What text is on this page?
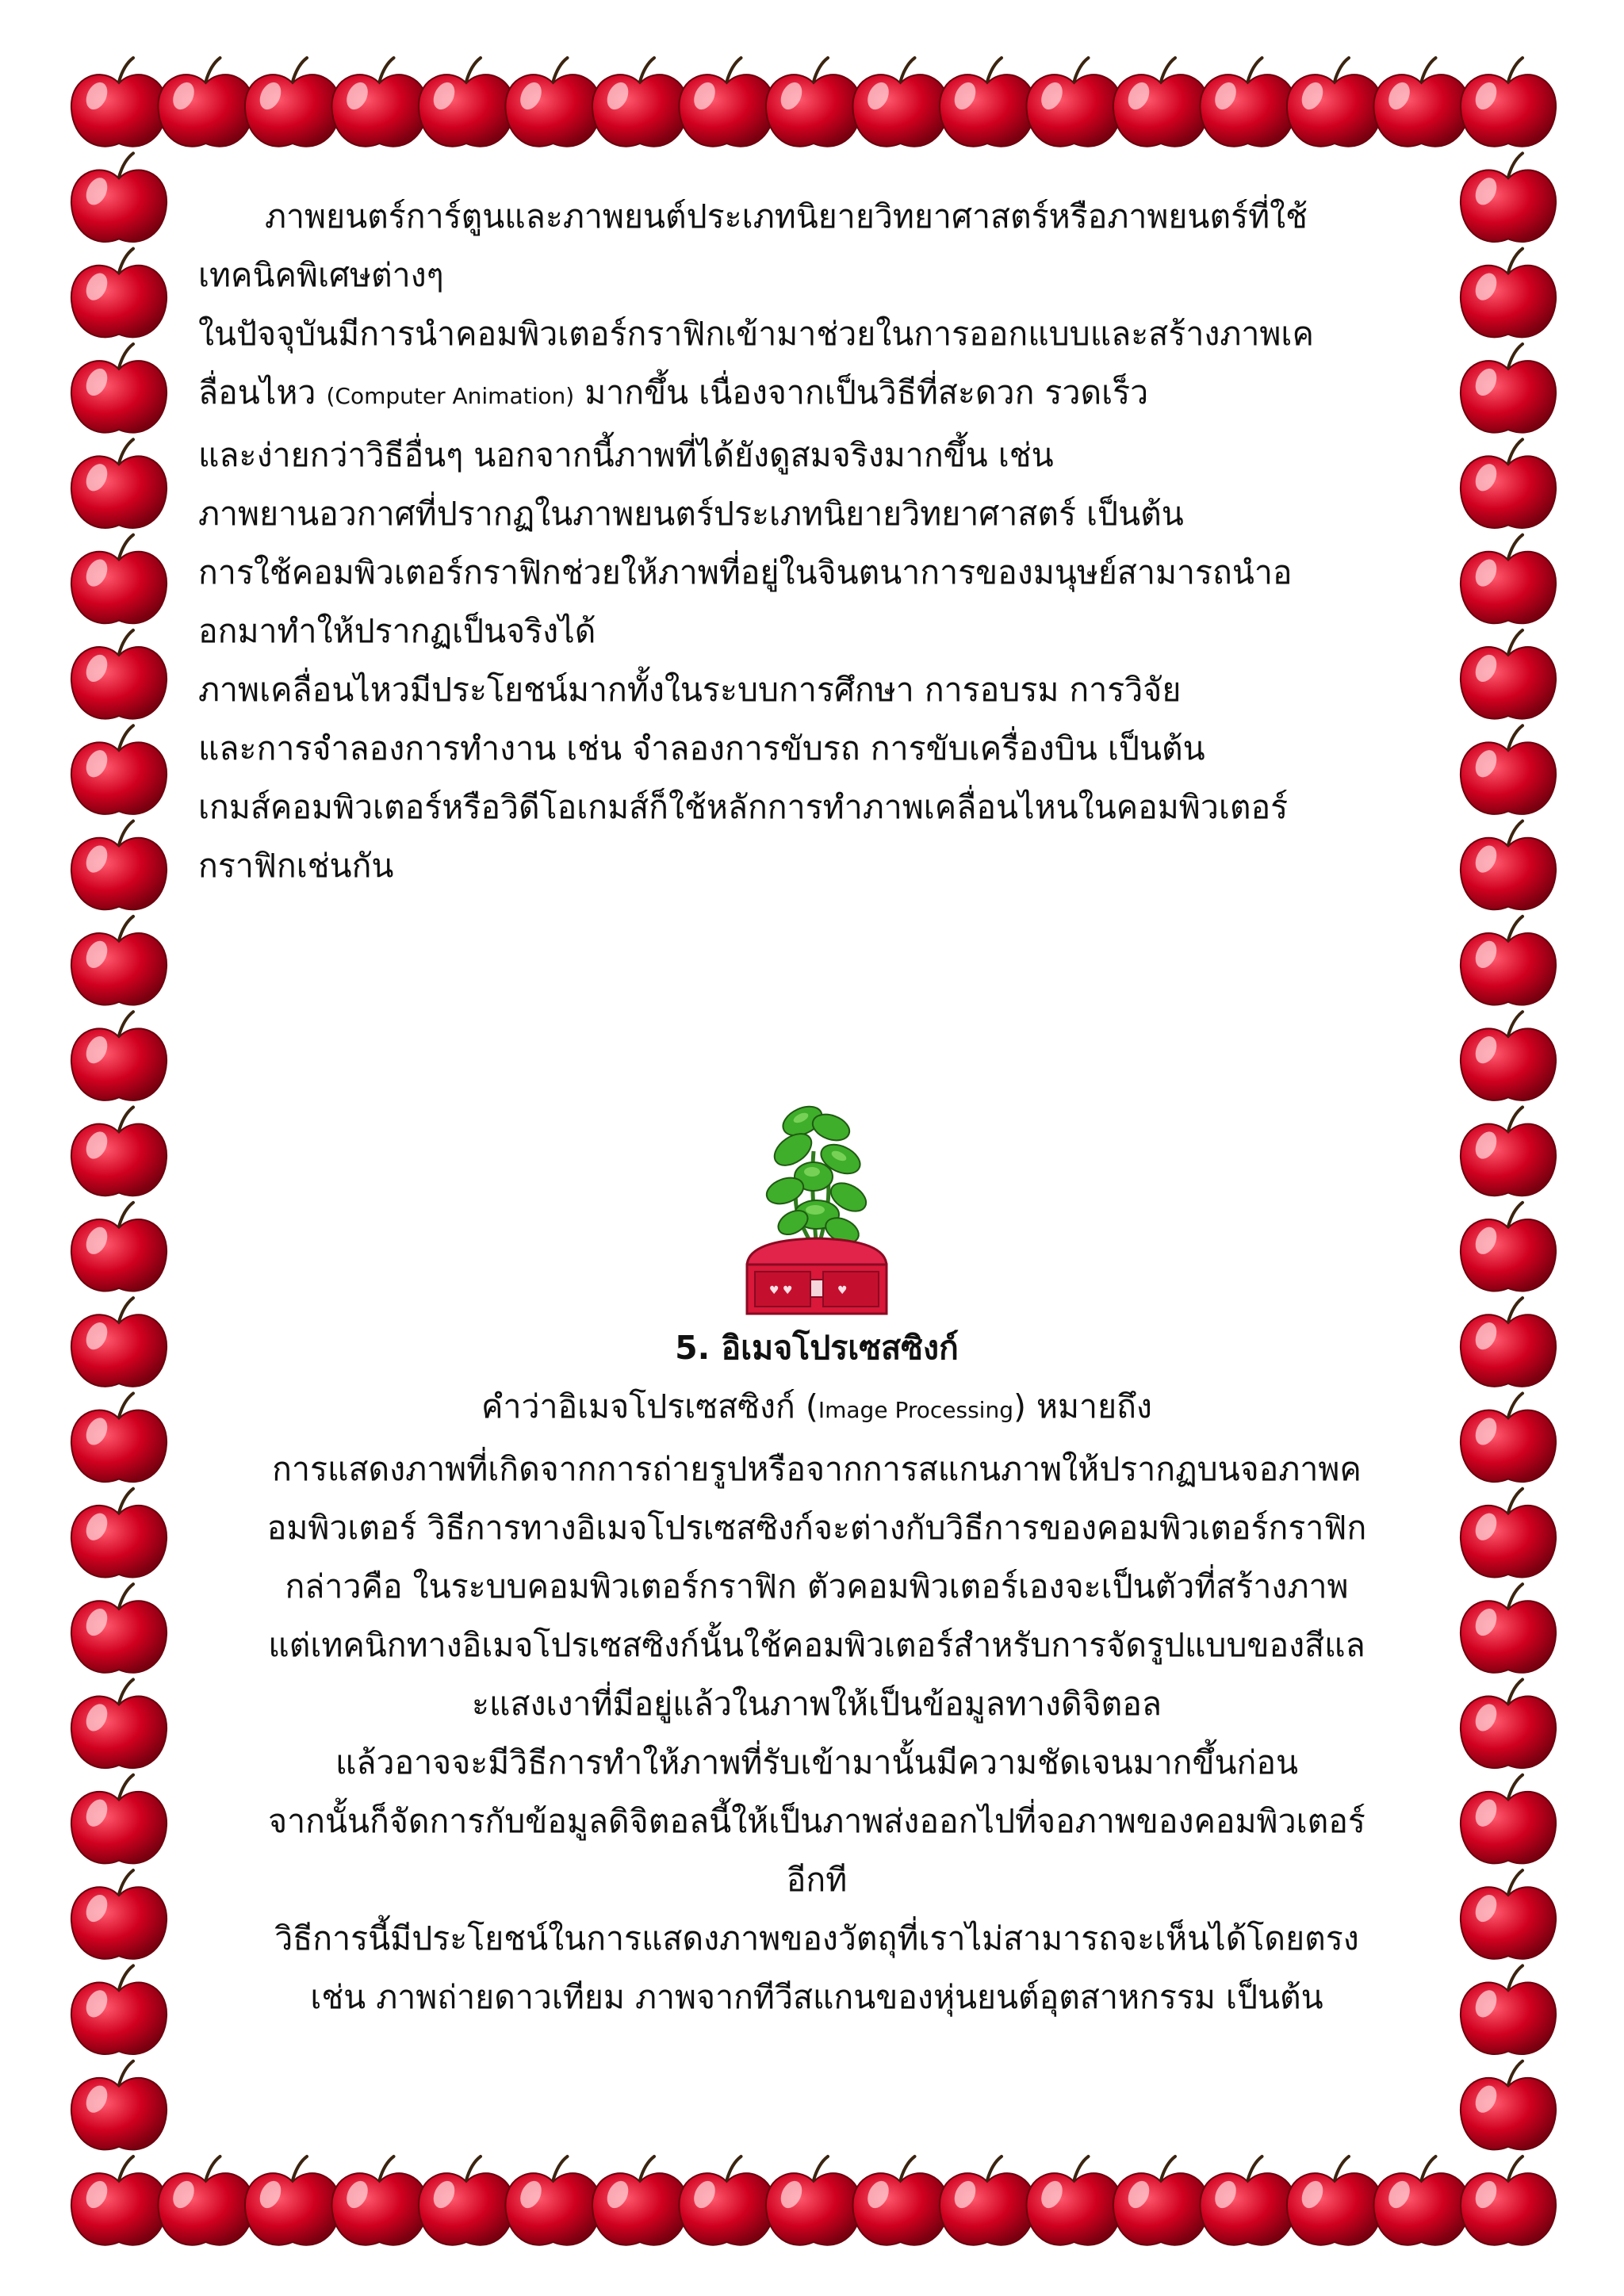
ภาพยนตร์การ์ตูนและภาพยนต์ประเภทนิยายวิทยาศาสตร์หรือภาพยนตร์ที่ใช้

เทคนิคพิเศษต่างๆ

ในปัจจุบันมีการนำคอมพิวเตอร์กราฟิกเข้ามาช่วยในการออกแบบและสร้างภาพเค

ลื่อนไหว (Computer Animation) มากขึ้น เนื่องจากเป็นวิธีที่สะดวก รวดเร็ว

และง่ายกว่าวิธีอื่นๆ นอกจากนี้ภาพที่ได้ยังดูสมจริงมากขึ้น เช่น

ภาพยานอวกาศที่ปรากฏในภาพยนตร์ประเภทนิยายวิทยาศาสตร์ เป็นต้น

การใช้คอมพิวเตอร์กราฟิกช่วยให้ภาพที่อยู่ในจินตนาการของมนุษย์สามารถนำอ

อกมาทำให้ปรากฏเป็นจริงได้

ภาพเคลื่อนไหวมีประโยชน์มากทั้งในระบบการศึกษา การอบรม การวิจัย

และการจำลองการทำงาน เช่น จำลองการขับรถ การขับเครื่องบิน เป็นต้น

เกมส์คอมพิวเตอร์หรือวิดีโอเกมส์ก็ใช้หลักการทำภาพเคลื่อนไหนในคอมพิวเตอร์

กราฟิกเช่นกัน

♥ ♥	♥

5. อิเมจโปรเซสซิงก์

คำว่าอิเมจโปรเซสซิงก์ (Image Processing) หมายถึง

การแสดงภาพที่เกิดจากการถ่ายรูปหรือจากการสแกนภาพให้ปรากฏบนจอภาพค

อมพิวเตอร์ วิธีการทางอิเมจโปรเซสซิงก์จะต่างกับวิธีการของคอมพิวเตอร์กราฟิก

กล่าวคือ ในระบบคอมพิวเตอร์กราฟิก ตัวคอมพิวเตอร์เองจะเป็นตัวที่สร้างภาพ

แต่เทคนิกทางอิเมจโปรเซสซิงก์นั้นใช้คอมพิวเตอร์สำหรับการจัดรูปแบบของสีแล

ะแสงเงาที่มีอยู่แล้วในภาพให้เป็นข้อมูลทางดิจิตอล

แล้วอาจจะมีวิธีการทำให้ภาพที่รับเข้ามานั้นมีความชัดเจนมากขึ้นก่อน

จากนั้นก็จัดการกับข้อมูลดิจิตอลนี้ให้เป็นภาพส่งออกไปที่จอภาพของคอมพิวเตอร์

อีกที

วิธีการนี้มีประโยชน์ในการแสดงภาพของวัตถุที่เราไม่สามารถจะเห็นได้โดยตรง

เช่น ภาพถ่ายดาวเทียม ภาพจากทีวีสแกนของหุ่นยนต์อุตสาหกรรม เป็นต้น
